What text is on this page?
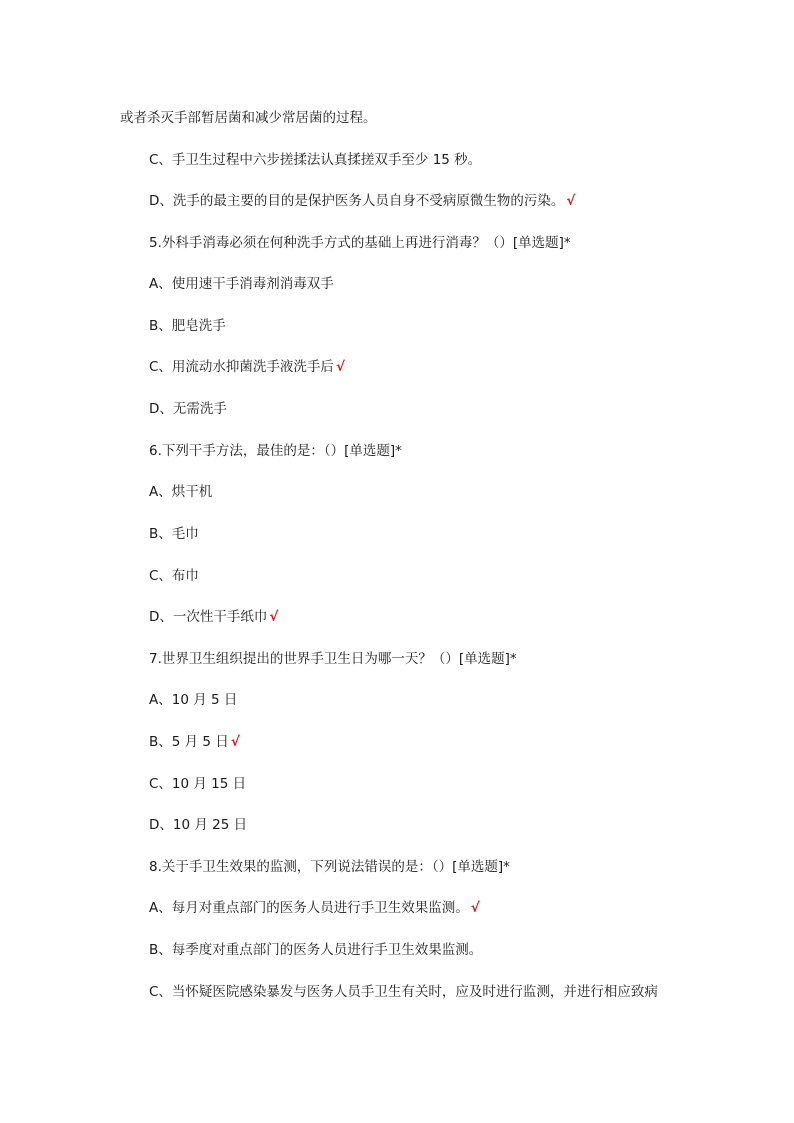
或者杀灭手部暂居菌和减少常居菌的过程。
C、手卫生过程中六步搓揉法认真揉搓双手至少 15 秒。
D、洗手的最主要的目的是保护医务人员自身不受病原微生物的污染。 √
5.外科手消毒必须在何种洗手方式的基础上再进行消毒？（）[单选题]*
A、使用速干手消毒剂消毒双手
B、肥皂洗手
C、用流动水抑菌洗手液洗手后 √
D、无需洗手
6.下列干手方法，最佳的是：（）[单选题]*
A、烘干机
B、毛巾
C、布巾
D、一次性干手纸巾 √
7.世界卫生组织提出的世界手卫生日为哪一天？（）[单选题]*
A、10 月 5 日
B、5 月 5 日 √
C、10 月 15 日
D、10 月 25 日
8.关于手卫生效果的监测，下列说法错误的是：（）[单选题]*
A、每月对重点部门的医务人员进行手卫生效果监测。 √
B、每季度对重点部门的医务人员进行手卫生效果监测。
C、当怀疑医院感染暴发与医务人员手卫生有关时，应及时进行监测，并进行相应致病
